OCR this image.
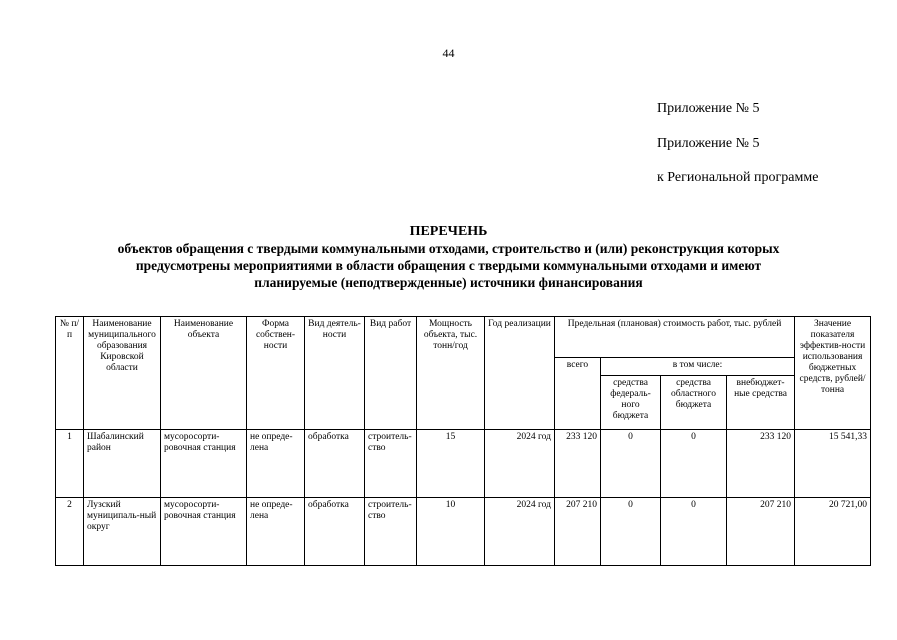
44
Приложение № 5
Приложение № 5
к Региональной программе
ПЕРЕЧЕНЬ
объектов обращения с твердыми коммунальными отходами, строительство и (или) реконструкция которых
предусмотрены мероприятиями в области обращения с твердыми коммунальными отходами и имеют
планируемые (неподтвержденные) источники финансирования
№ п/п	Наименование муниципального образования Кировской области	Наименование объекта	Форма собствен-ности	Вид деятель-ности	Вид работ	Мощность объекта, тыс. тонн/год	Год реализации	Предельная (плановая) стоимость работ, тыс. рублей				Значение показателя эффектив-ности использования бюджетных средств, рублей/тонна
								всего	в том числе:			
									средства федераль-ного бюджета	средства областного бюджета	внебюджет-ные средства	
1	Шабалинский район	мусоросорти-ровочная станция	не опреде-лена	обработка	строитель-ство	15	2024 год	233 120	0	0	233 120	15 541,33
2	Лузский муниципаль-ный округ	мусоросорти-ровочная станция	не опреде-лена	обработка	строитель-ство	10	2024 год	207 210	0	0	207 210	20 721,00
